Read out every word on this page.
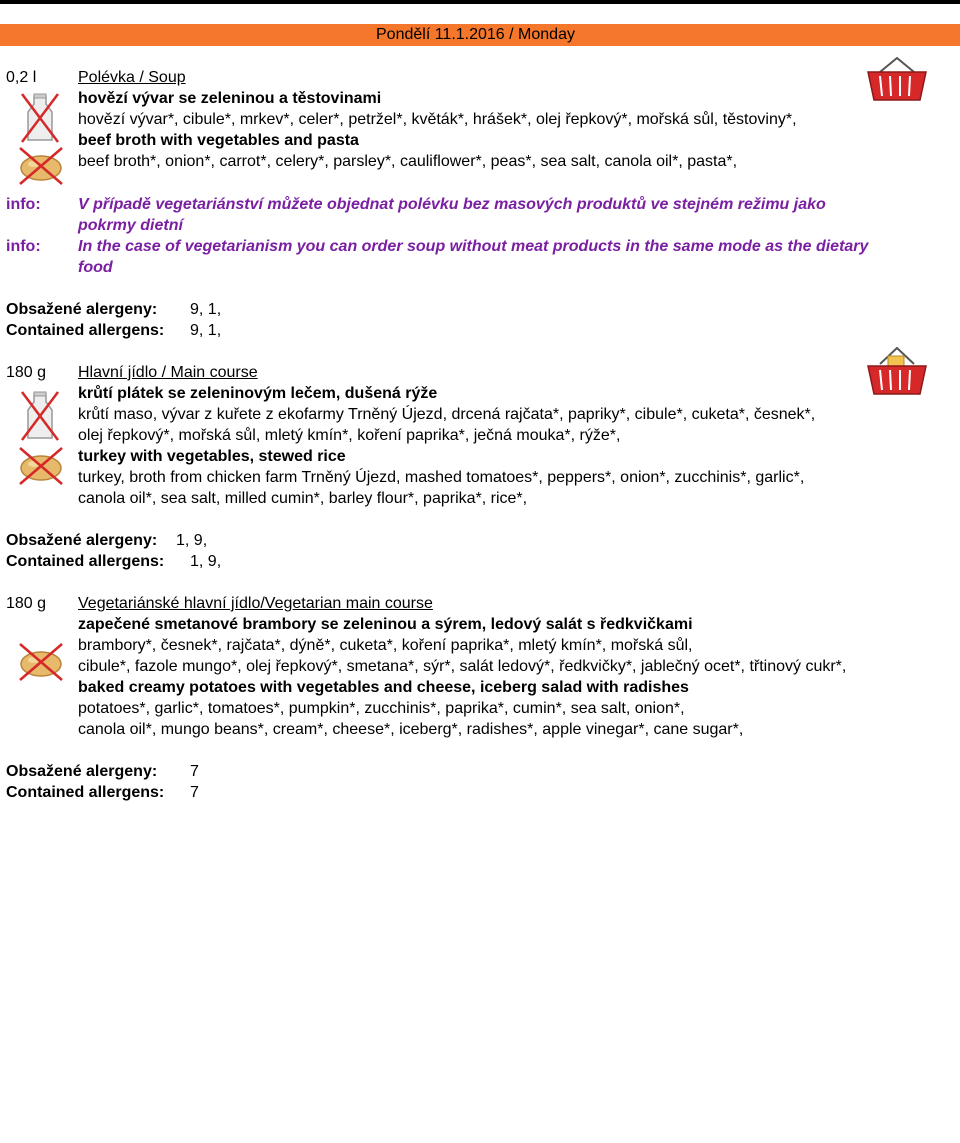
Pondělí 11.1.2016 / Monday
0,2 l	Polévka / Soup
hovězí vývar se zeleninou a těstovinami
hovězí vývar*, cibule*, mrkev*, celer*, petržel*, květák*, hrášek*, olej řepkový*, mořská sůl, těstoviny*,
beef broth with vegetables and pasta
beef broth*, onion*, carrot*, celery*, parsley*, cauliflower*, peas*, sea salt, canola oil*, pasta*,
info: V případě vegetariánství můžete objednat polévku bez masových produktů ve stejném režimu jako
pokrmy dietní
info: In the case of vegetarianism you can order soup without meat products in the same mode as the dietary
food
Obsažené alergeny: 9, 1,
Contained allergens: 9, 1,
180 g Hlavní jídlo / Main course
krůtí plátek se zeleninovým lečem, dušená rýže
krůtí maso, vývar z kuřete z ekofarmy Trněný Újezd, drcená rajčata*, papriky*, cibule*, cuketa*, česnek*,
olej řepkový*, mořská sůl, mletý kmín*, koření paprika*, ječná mouka*, rýže*,
turkey with vegetables, stewed rice
turkey, broth from chicken farm Trněný Újezd, mashed tomatoes*, peppers*, onion*, zucchinis*, garlic*,
canola oil*, sea salt, milled cumin*, barley flour*, paprika*, rice*,
Obsažené alergeny: 1, 9,
Contained allergens: 1, 9,
180 g Vegetariánské hlavní jídlo/Vegetarian main course
zapečené smetanové brambory se zeleninou a sýrem, ledový salát s ředkvičkami
brambory*, česnek*, rajčata*, dýně*, cuketa*, koření paprika*, mletý kmín*, mořská sůl,
cibule*, fazole mungo*, olej řepkový*, smetana*, sýr*, salát ledový*, ředkvičky*, jablečný ocet*, třtinový cukr*,
baked creamy potatoes with vegetables and cheese, iceberg salad with radishes
potatoes*, garlic*, tomatoes*, pumpkin*, zucchinis*, paprika*, cumin*, sea salt, onion*,
canola oil*, mungo beans*, cream*, cheese*, iceberg*, radishes*, apple vinegar*, cane sugar*,
Obsažené alergeny: 7
Contained allergens: 7
